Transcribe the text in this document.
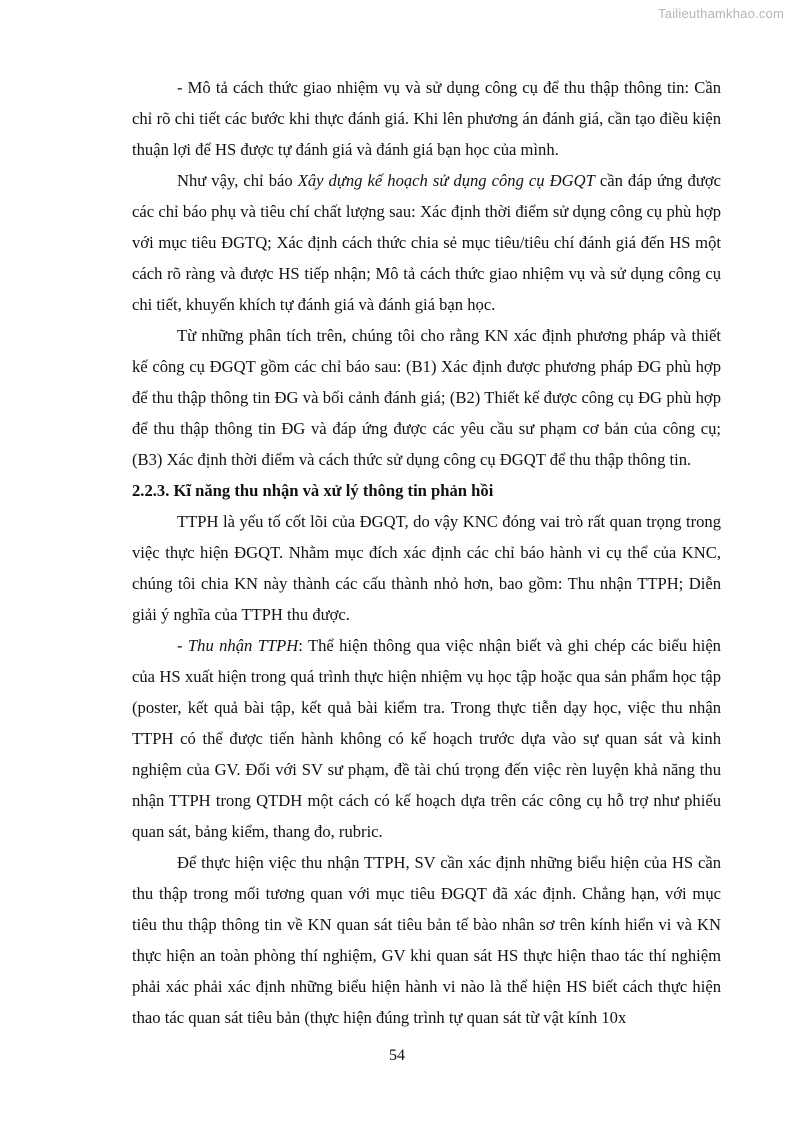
Tailieuthamkhao.com

- Mô tả cách thức giao nhiệm vụ và sử dụng công cụ để thu thập thông tin: Cần chỉ rõ chi tiết các bước khi thực đánh giá. Khi lên phương án đánh giá, cần tạo điều kiện thuận lợi để HS được tự đánh giá và đánh giá bạn học của mình.

Như vậy, chỉ báo Xây dựng kế hoạch sử dụng công cụ ĐGQT cần đáp ứng được các chỉ báo phụ và tiêu chí chất lượng sau: Xác định thời điểm sử dụng công cụ phù hợp với mục tiêu ĐGTQ; Xác định cách thức chia sẻ mục tiêu/tiêu chí đánh giá đến HS một cách rõ ràng và được HS tiếp nhận; Mô tả cách thức giao nhiệm vụ và sử dụng công cụ chi tiết, khuyến khích tự đánh giá và đánh giá bạn học.

Từ những phân tích trên, chúng tôi cho rằng KN xác định phương pháp và thiết kế công cụ ĐGQT gồm các chỉ báo sau: (B1) Xác định được phương pháp ĐG phù hợp để thu thập thông tin ĐG và bối cảnh đánh giá; (B2) Thiết kế được công cụ ĐG phù hợp để thu thập thông tin ĐG và đáp ứng được các yêu cầu sư phạm cơ bản của công cụ; (B3) Xác định thời điểm và cách thức sử dụng công cụ ĐGQT để thu thập thông tin.

2.2.3. Kĩ năng thu nhận và xử lý thông tin phản hồi

TTPH là yếu tố cốt lõi của ĐGQT, do vậy KNC đóng vai trò rất quan trọng trong việc thực hiện ĐGQT. Nhằm mục đích xác định các chỉ báo hành vi cụ thể của KNC, chúng tôi chia KN này thành các cấu thành nhỏ hơn, bao gồm: Thu nhận TTPH; Diễn giải ý nghĩa của TTPH thu được.

- Thu nhận TTPH: Thể hiện thông qua việc nhận biết và ghi chép các biểu hiện của HS xuất hiện trong quá trình thực hiện nhiệm vụ học tập hoặc qua sản phẩm học tập (poster, kết quả bài tập, kết quả bài kiểm tra. Trong thực tiễn dạy học, việc thu nhận TTPH có thể được tiến hành không có kế hoạch trước dựa vào sự quan sát và kinh nghiệm của GV. Đối với SV sư phạm, đề tài chú trọng đến việc rèn luyện khả năng thu nhận TTPH trong QTDH một cách có kế hoạch dựa trên các công cụ hỗ trợ như phiếu quan sát, bảng kiểm, thang đo, rubric.

Để thực hiện việc thu nhận TTPH, SV cần xác định những biểu hiện của HS cần thu thập trong mối tương quan với mục tiêu ĐGQT đã xác định. Chẳng hạn, với mục tiêu thu thập thông tin về KN quan sát tiêu bản tế bào nhân sơ trên kính hiển vi và KN thực hiện an toàn phòng thí nghiệm, GV khi quan sát HS thực hiện thao tác thí nghiệm phải xác phải xác định những biểu hiện hành vi nào là thể hiện HS biết cách thực hiện thao tác quan sát tiêu bản (thực hiện đúng trình tự quan sát từ vật kính 10x

54
